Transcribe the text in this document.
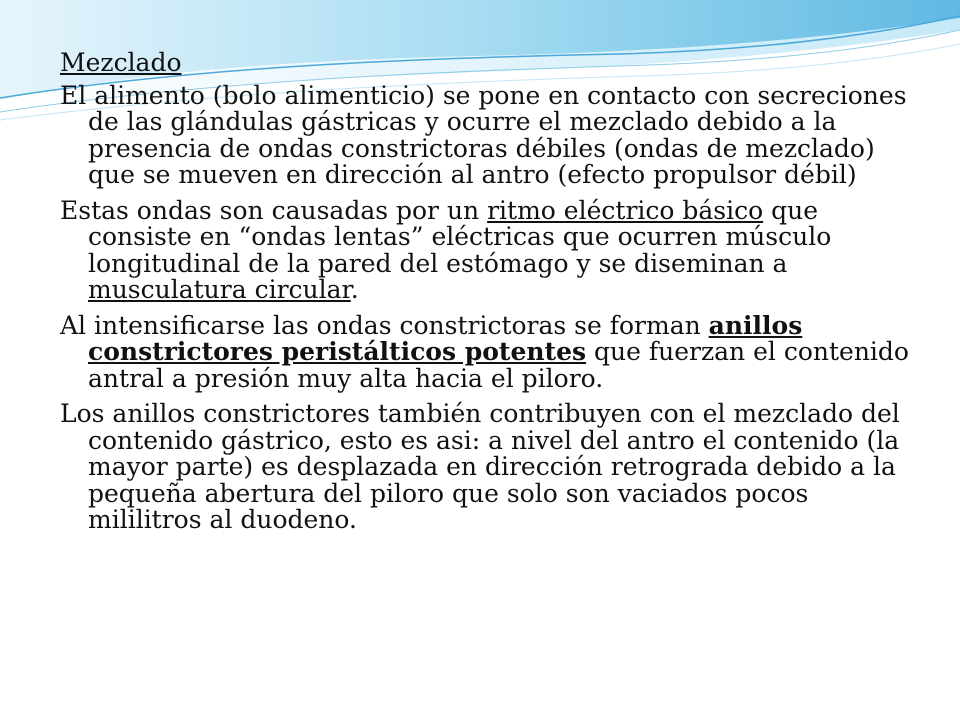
Mezclado

El alimento (bolo alimenticio) se pone en contacto con secreciones de las glándulas gástricas y ocurre el mezclado debido a la presencia de ondas constrictoras débiles (ondas de mezclado) que se mueven en dirección al antro (efecto propulsor débil)

Estas ondas son causadas por un ritmo eléctrico básico que consiste en “ondas lentas” eléctricas que ocurren músculo longitudinal de la pared del estómago y se diseminan a musculatura circular.

Al intensificarse las ondas constrictoras se forman anillos constrictores peristálticos potentes que fuerzan el contenido antral a presión muy alta hacia el piloro.

Los anillos constrictores también contribuyen con el mezclado del contenido gástrico, esto es asi: a nivel del antro el contenido (la mayor parte) es desplazada en dirección retrograda debido a la pequeña abertura del piloro que solo son vaciados pocos mililitros al duodeno.
